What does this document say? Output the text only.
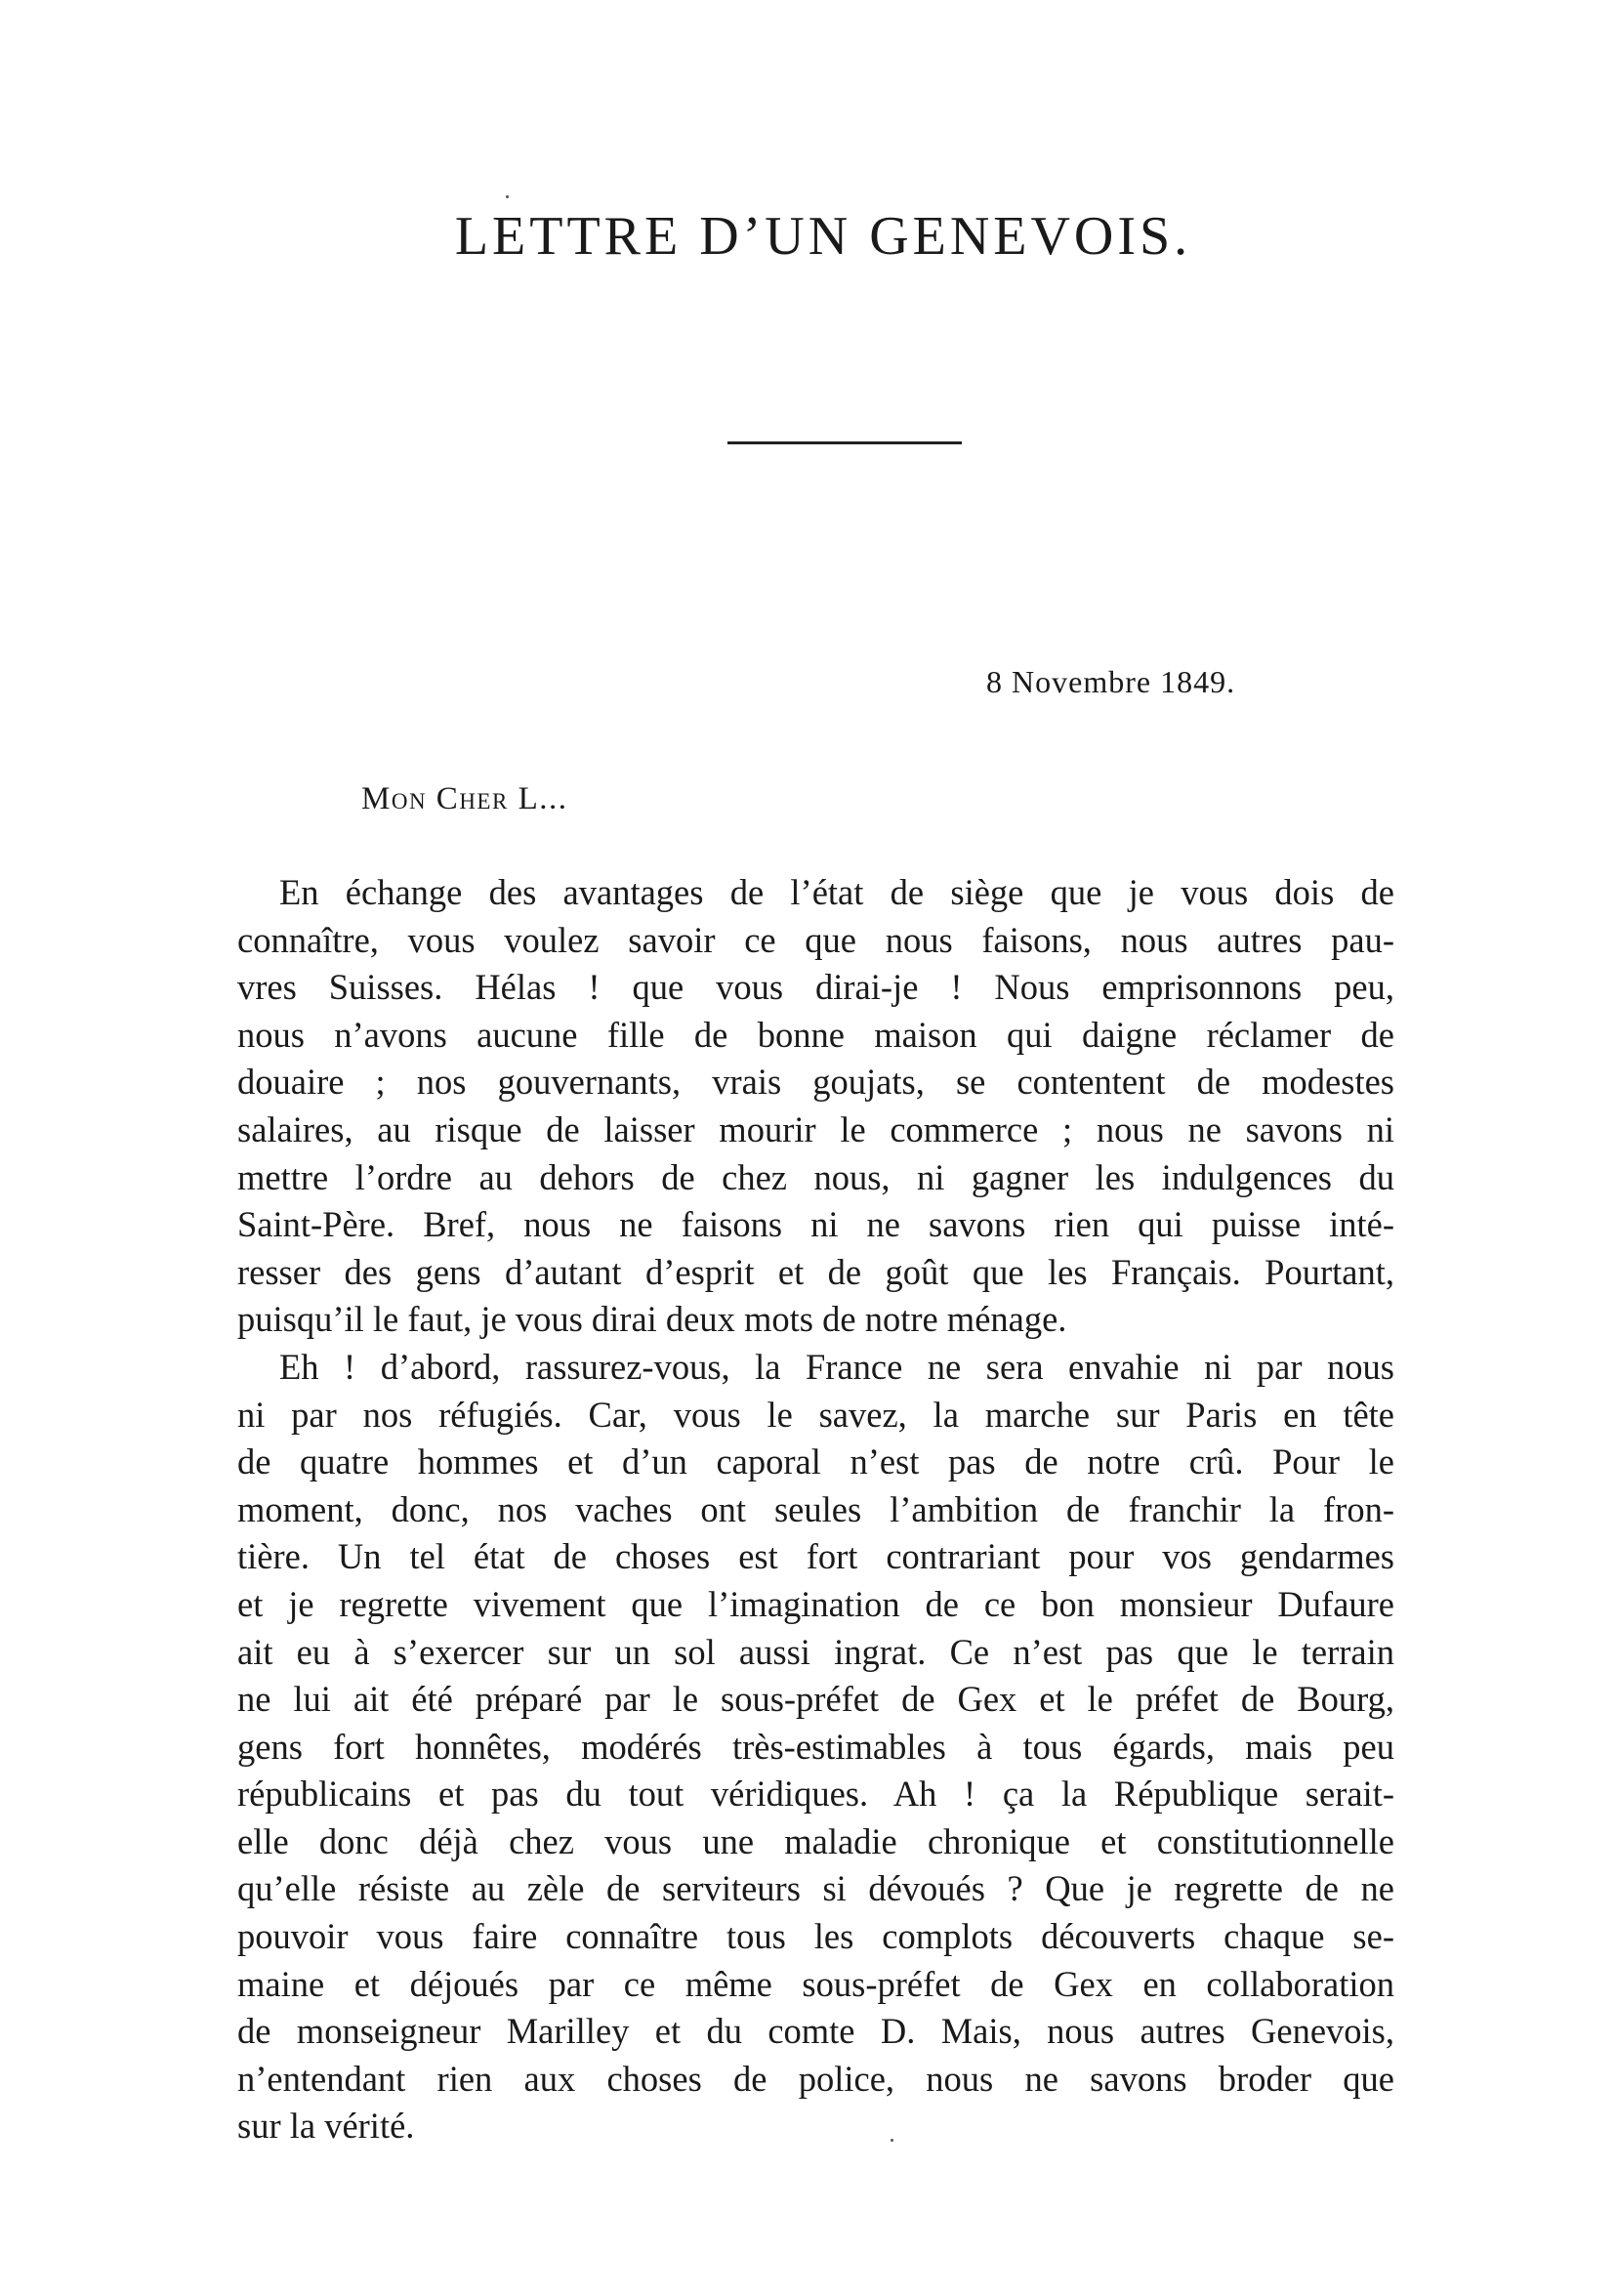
LETTRE D’UN GENEVOIS.
8 Novembre 1849.
Mon Cher L...
En échange des avantages de l’état de siège que je vous dois de
connaître, vous voulez savoir ce que nous faisons, nous autres pau-
vres Suisses. Hélas ! que vous dirai-je ! Nous emprisonnons peu,
nous n’avons aucune fille de bonne maison qui daigne réclamer de
douaire ; nos gouvernants, vrais goujats, se contentent de modestes
salaires, au risque de laisser mourir le commerce ; nous ne savons ni
mettre l’ordre au dehors de chez nous, ni gagner les indulgences du
Saint-Père. Bref, nous ne faisons ni ne savons rien qui puisse inté-
resser des gens d’autant d’esprit et de goût que les Français. Pourtant,
puisqu’il le faut, je vous dirai deux mots de notre ménage.
Eh ! d’abord, rassurez-vous, la France ne sera envahie ni par nous
ni par nos réfugiés. Car, vous le savez, la marche sur Paris en tête
de quatre hommes et d’un caporal n’est pas de notre crû. Pour le
moment, donc, nos vaches ont seules l’ambition de franchir la fron-
tière. Un tel état de choses est fort contrariant pour vos gendarmes
et je regrette vivement que l’imagination de ce bon monsieur Dufaure
ait eu à s’exercer sur un sol aussi ingrat. Ce n’est pas que le terrain
ne lui ait été préparé par le sous-préfet de Gex et le préfet de Bourg,
gens fort honnêtes, modérés très-estimables à tous égards, mais peu
républicains et pas du tout véridiques. Ah ! ça la République serait-
elle donc déjà chez vous une maladie chronique et constitutionnelle
qu’elle résiste au zèle de serviteurs si dévoués ? Que je regrette de ne
pouvoir vous faire connaître tous les complots découverts chaque se-
maine et déjoués par ce même sous-préfet de Gex en collaboration
de monseigneur Marilley et du comte D. Mais, nous autres Genevois,
n’entendant rien aux choses de police, nous ne savons broder que
sur la vérité.
